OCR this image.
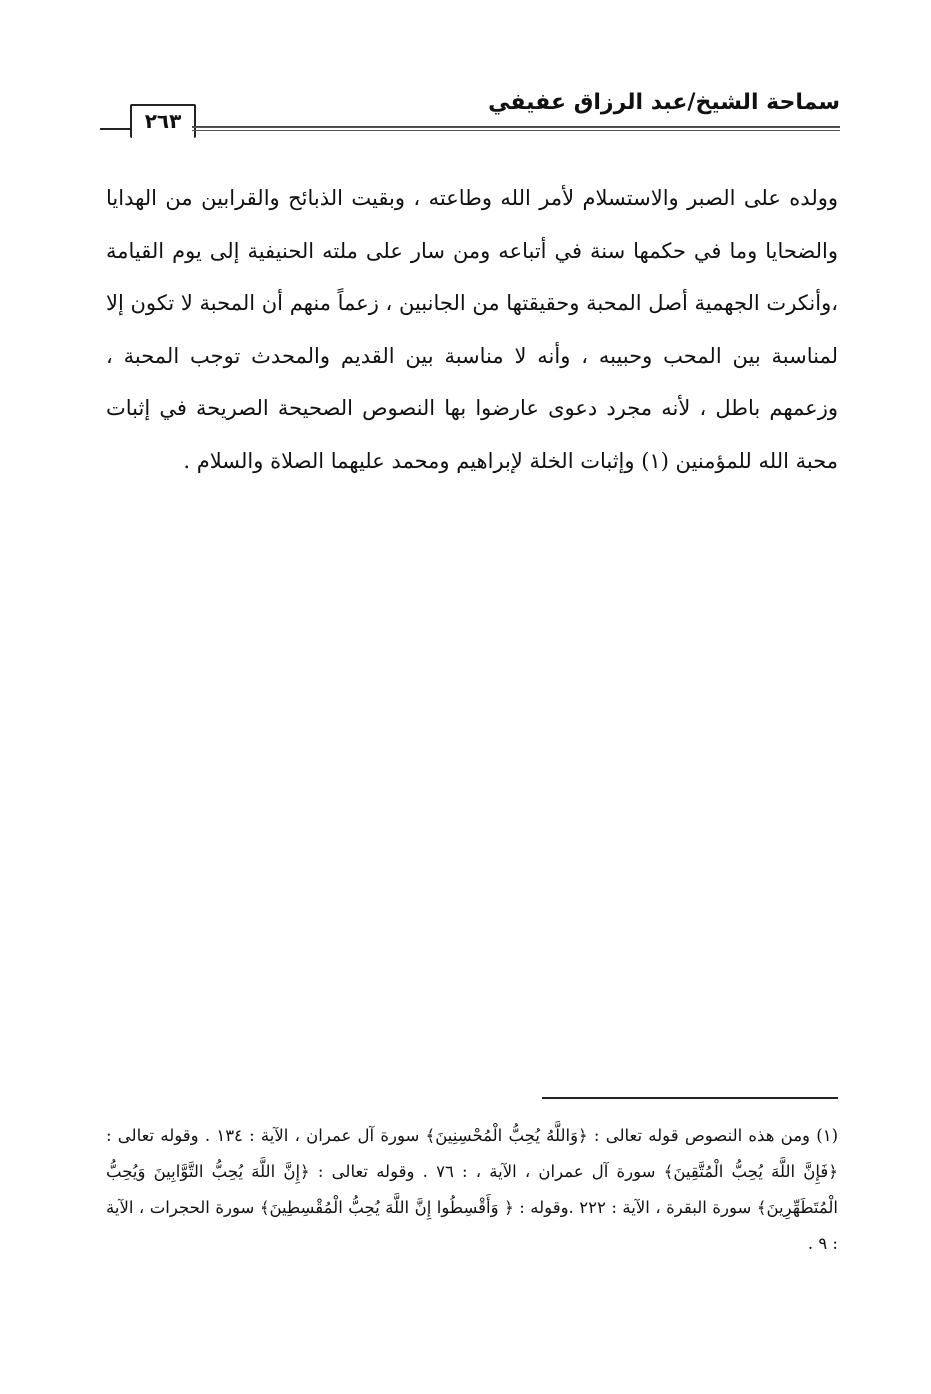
سماحة الشيخ/عبد الرزاق عفيفي
٢٦٣

وولده على الصبر والاستسلام لأمر الله وطاعته ، وبقيت الذبائح والقرابين من الهدايا والضحايا وما في حكمها سنة في أتباعه ومن سار على ملته الحنيفية إلى يوم القيامة ،وأنكرت الجهمية أصل المحبة وحقيقتها من الجانبين ، زعماً منهم أن المحبة لا تكون إلا لمناسبة بين المحب وحبيبه ، وأنه لا مناسبة بين القديم والمحدث توجب المحبة ، وزعمهم باطل ، لأنه مجرد دعوى عارضوا بها النصوص الصحيحة الصريحة في إثبات محبة الله للمؤمنين (١) وإثبات الخلة لإبراهيم ومحمد عليهما الصلاة والسلام .

(١) ومن هذه النصوص قوله تعالى : ﴿وَاللَّهُ يُحِبُّ الْمُحْسِنِينَ﴾ سورة آل عمران ، الآية : ١٣٤ . وقوله تعالى : ﴿فَإِنَّ اللَّهَ يُحِبُّ الْمُتَّقِينَ﴾ سورة آل عمران ، الآية ، : ٧٦ . وقوله تعالى : ﴿إِنَّ اللَّهَ يُحِبُّ التَّوَّابِينَ وَيُحِبُّ الْمُتَطَهِّرِينَ﴾ سورة البقرة ، الآية : ٢٢٢ .وقوله : ﴿ وَأَقْسِطُوا إِنَّ اللَّهَ يُحِبُّ الْمُقْسِطِينَ﴾ سورة الحجرات ، الآية : ٩ .
